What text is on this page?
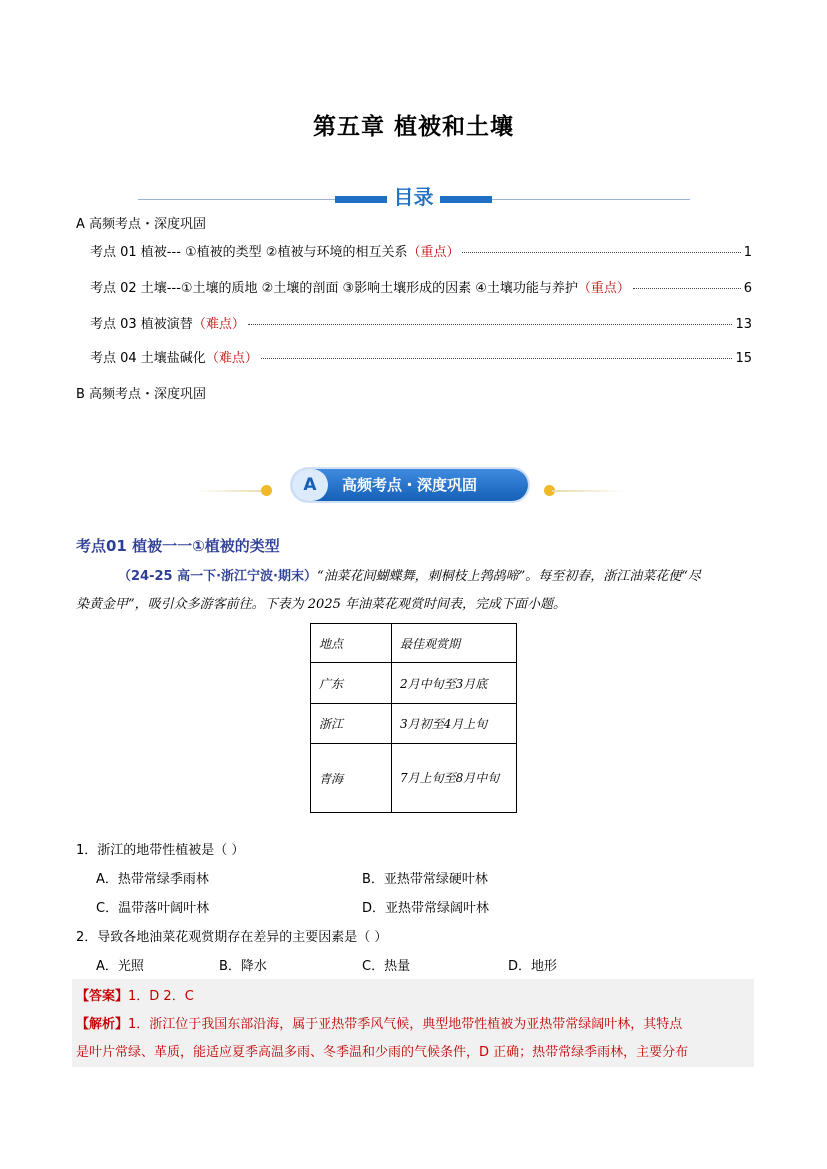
第五章 植被和土壤
目录
A 高频考点・深度巩固
考点 01 植被--- ①植被的类型 ②植被与环境的相互关系 （重点）	1
考点 02 土壤---①土壤的质地 ②土壤的剖面 ③影响土壤形成的因素 ④土壤功能与养护 （重点）	6
考点 03 植被演替 （难点）	13
考点 04 土壤盐碱化 （难点）	15
B 高频考点・深度巩固
A	高频考点・深度巩固
考点01 植被一一①植被的类型
（24-25 高一下·浙江宁波·期末）“油菜花间蝴蝶舞，刺桐枝上鹁鸪啼”。每至初春，浙江油菜花便“尽
染黄金甲”，吸引众多游客前往。下表为 2025 年油菜花观赏时间表，完成下面小题。
地点	最佳观赏期
广东	2月中旬至3月底
浙江	3月初至4月上旬
青海	7月上旬至8月中旬
1．浙江的地带性植被是（ ）
A．热带常绿季雨林	B．亚热带常绿硬叶林
C．温带落叶阔叶林	D．亚热带常绿阔叶林
2．导致各地油菜花观赏期存在差异的主要因素是（ ）
A．光照	B．降水	C．热量	D．地形
【答案】1．D 2．C
【解析】1．浙江位于我国东部沿海，属于亚热带季风气候，典型地带性植被为亚热带常绿阔叶林，其特点
是叶片常绿、革质，能适应夏季高温多雨、冬季温和少雨的气候条件，D 正确；热带常绿季雨林，主要分布
